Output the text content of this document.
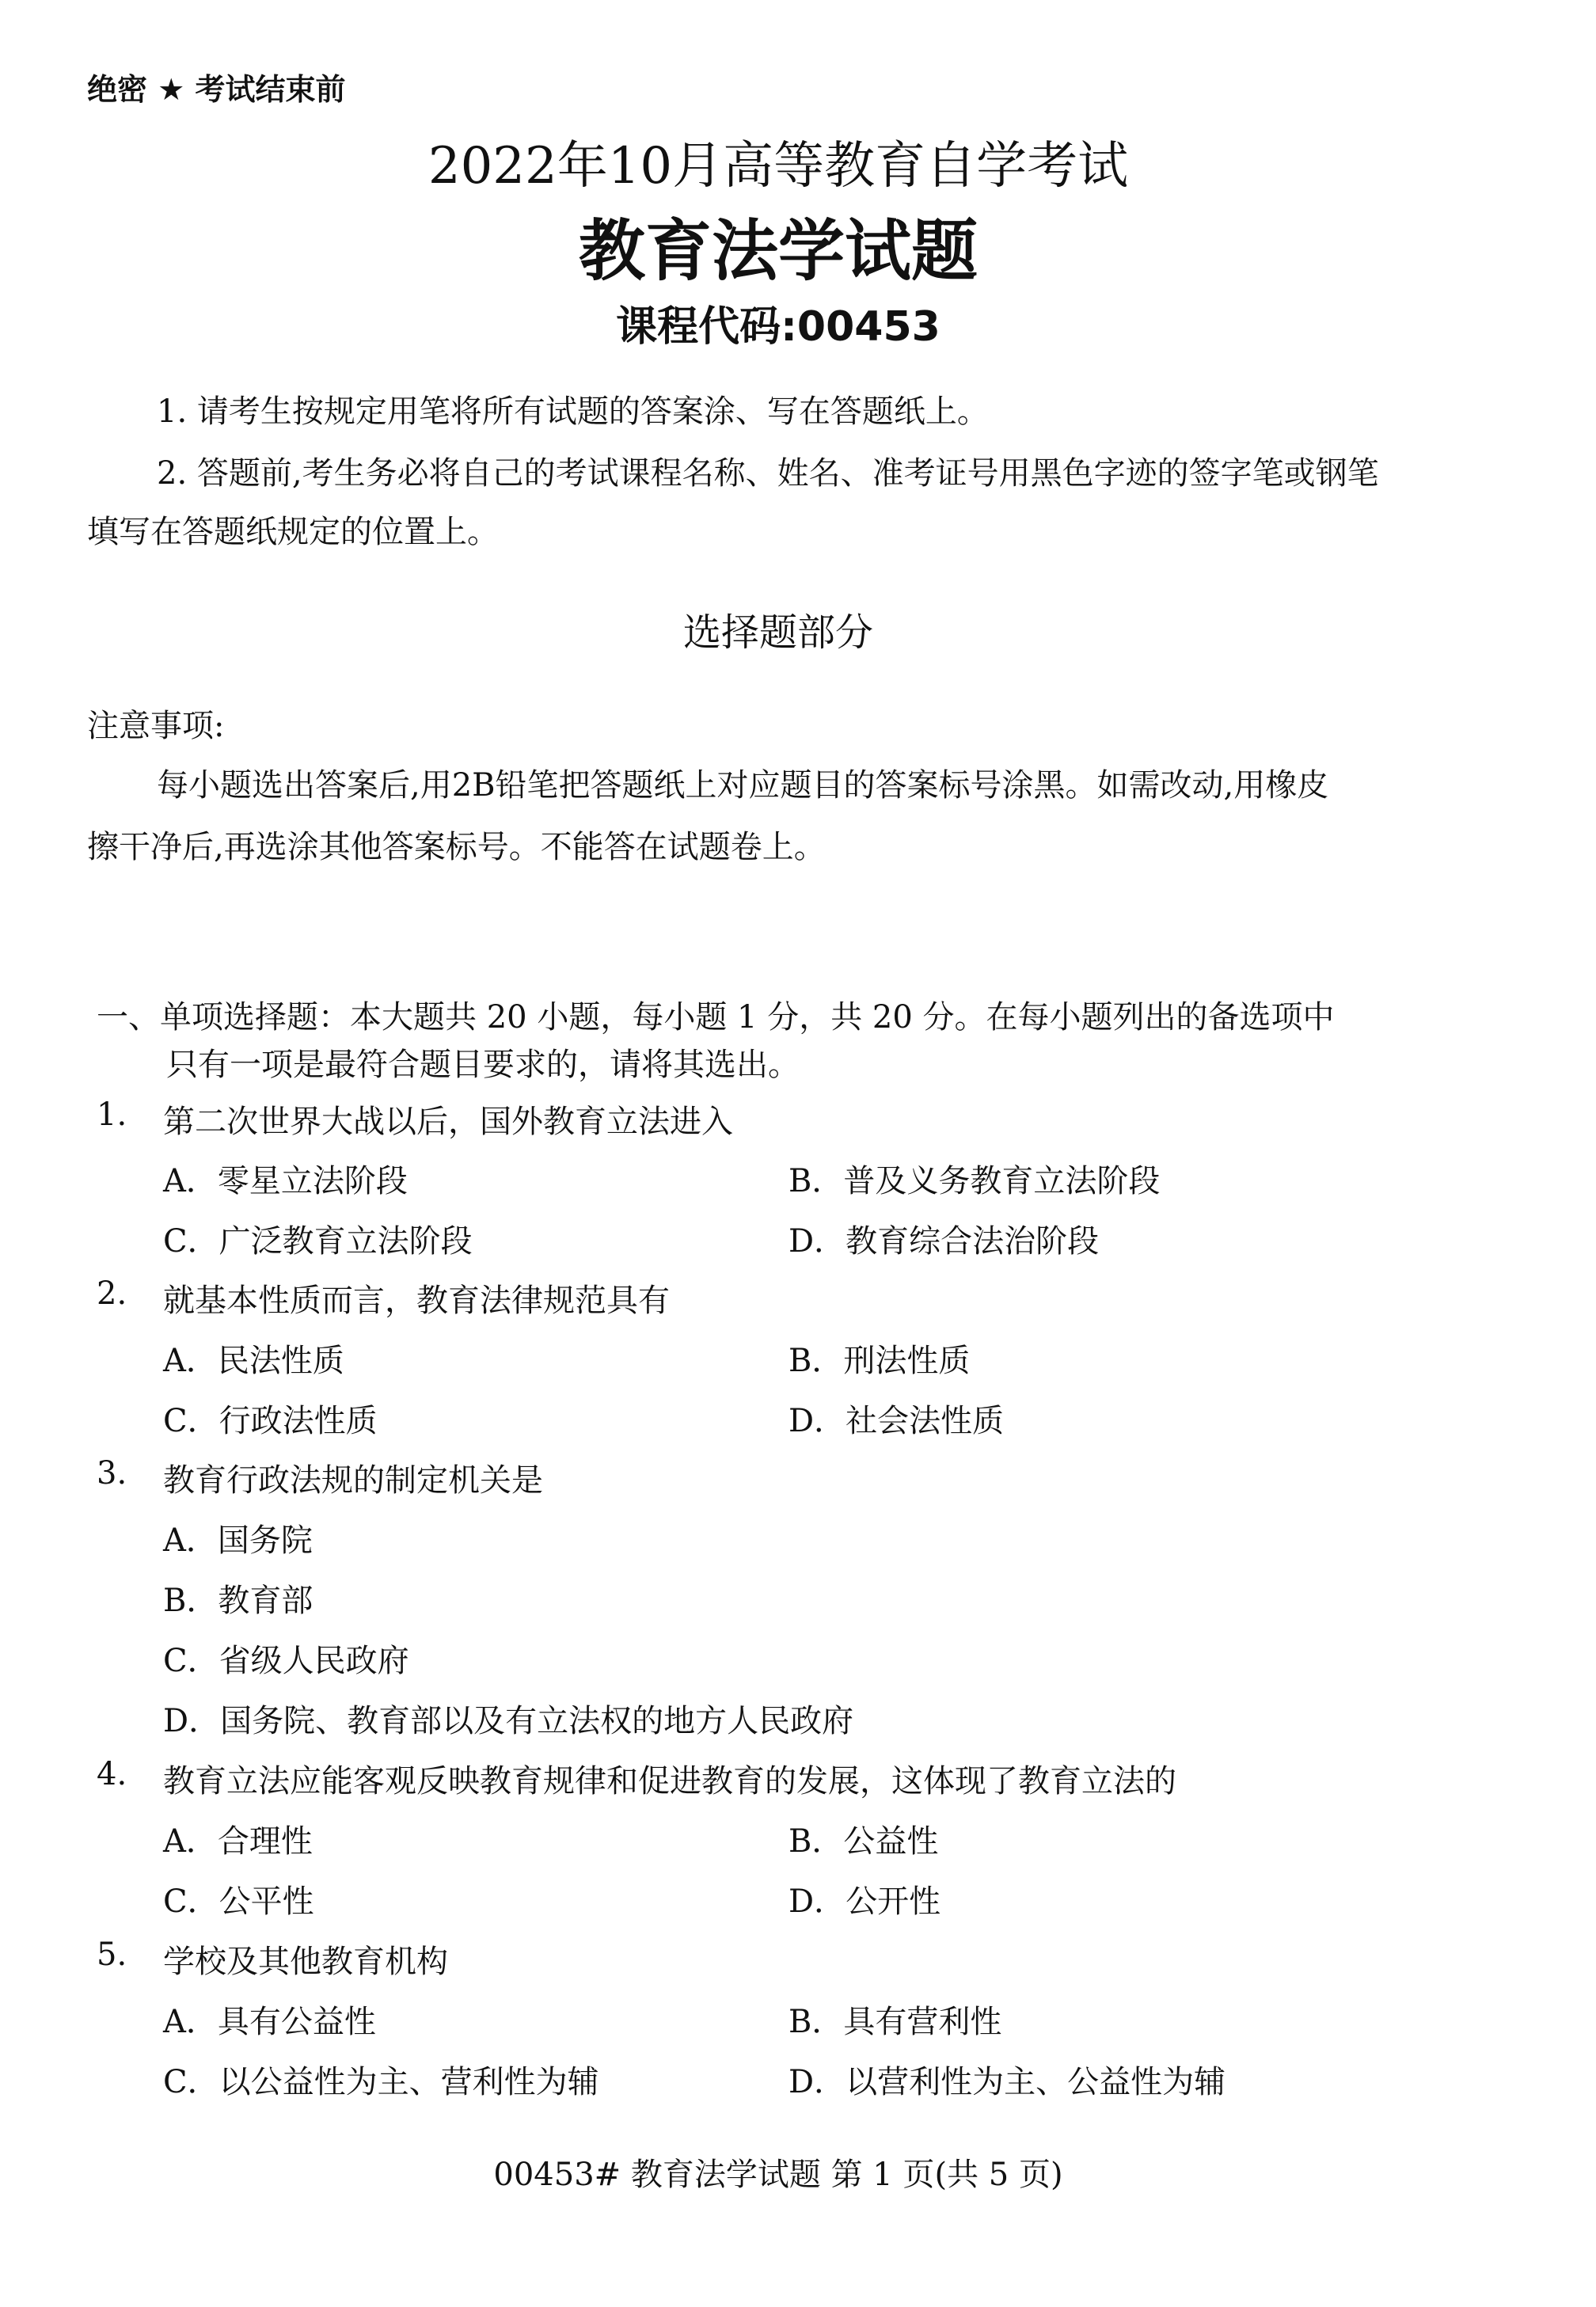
绝密 ★ 考试结束前
2022年10月高等教育自学考试
教育法学试题
课程代码:00453
1. 请考生按规定用笔将所有试题的答案涂、写在答题纸上。
2. 答题前,考生务必将自己的考试课程名称、姓名、准考证号用黑色字迹的签字笔或钢笔
填写在答题纸规定的位置上。
选择题部分
注意事项:
每小题选出答案后,用2B铅笔把答题纸上对应题目的答案标号涂黑。如需改动,用橡皮
擦干净后,再选涂其他答案标号。不能答在试题卷上。
一、单项选择题：本大题共 20 小题，每小题 1 分，共 20 分。在每小题列出的备选项中
只有一项是最符合题目要求的，请将其选出。
1. 第二次世界大战以后，国外教育立法进入
A．零星立法阶段	B．普及义务教育立法阶段
C．广泛教育立法阶段	D．教育综合法治阶段
2. 就基本性质而言，教育法律规范具有
A．民法性质	B．刑法性质
C．行政法性质	D．社会法性质
3. 教育行政法规的制定机关是
A．国务院
B．教育部
C．省级人民政府
D．国务院、教育部以及有立法权的地方人民政府
4. 教育立法应能客观反映教育规律和促进教育的发展，这体现了教育立法的
A．合理性	B．公益性
C．公平性	D．公开性
5. 学校及其他教育机构
A．具有公益性	B．具有营利性
C．以公益性为主、营利性为辅	D．以营利性为主、公益性为辅
00453# 教育法学试题 第 1 页(共 5 页)
